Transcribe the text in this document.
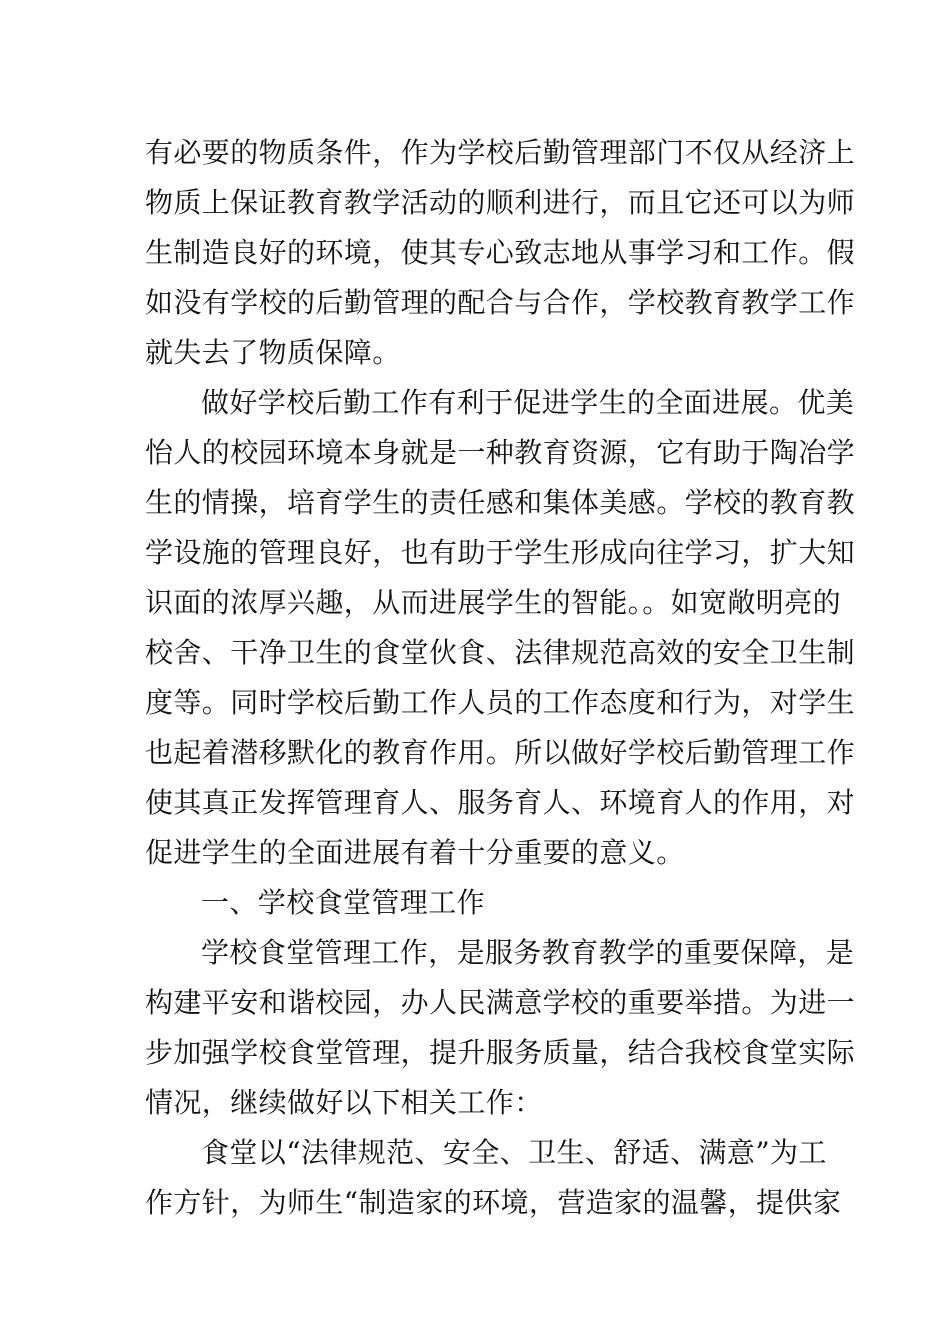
有必要的物质条件，作为学校后勤管理部门不仅从经济上
物质上保证教育教学活动的顺利进行，而且它还可以为师
生制造良好的环境，使其专心致志地从事学习和工作。假
如没有学校的后勤管理的配合与合作，学校教育教学工作
就失去了物质保障。
做好学校后勤工作有利于促进学生的全面进展。优美
怡人的校园环境本身就是一种教育资源，它有助于陶冶学
生的情操，培育学生的责任感和集体美感。学校的教育教
学设施的管理良好，也有助于学生形成向往学习，扩大知
识面的浓厚兴趣，从而进展学生的智能。。如宽敞明亮的
校舍、干净卫生的食堂伙食、法律规范高效的安全卫生制
度等。同时学校后勤工作人员的工作态度和行为，对学生
也起着潜移默化的教育作用。所以做好学校后勤管理工作
使其真正发挥管理育人、服务育人、环境育人的作用，对
促进学生的全面进展有着十分重要的意义。
一、学校食堂管理工作
学校食堂管理工作，是服务教育教学的重要保障，是
构建平安和谐校园，办人民满意学校的重要举措。为进一
步加强学校食堂管理，提升服务质量，结合我校食堂实际
情况，继续做好以下相关工作：
食堂以“法律规范、安全、卫生、舒适、满意”为工
作方针，为师生“制造家的环境，营造家的温馨，提供家
